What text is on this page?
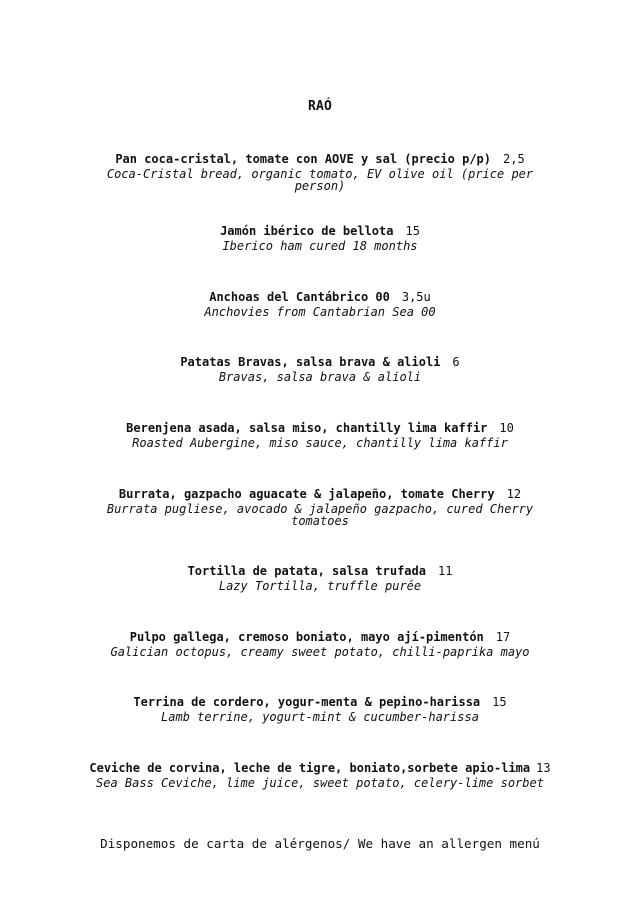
RAÓ
Pan coca-cristal, tomate con AOVE y sal (precio p/p) 2,5
Coca-Cristal bread, organic tomato, EV olive oil (price per person)
Jamón ibérico de bellota 15
Iberico ham cured 18 months
Anchoas del Cantábrico 00 3,5u
Anchovies from Cantabrian Sea 00
Patatas Bravas, salsa brava & alioli 6
Bravas, salsa brava & alioli
Berenjena asada, salsa miso, chantilly lima kaffir 10
Roasted Aubergine, miso sauce, chantilly lima kaffir
Burrata, gazpacho aguacate & jalapeño, tomate Cherry 12
Burrata pugliese, avocado & jalapeño gazpacho, cured Cherry tomatoes
Tortilla de patata, salsa trufada 11
Lazy Tortilla, truffle purée
Pulpo gallega, cremoso boniato, mayo ají-pimentón 17
Galician octopus, creamy sweet potato, chilli-paprika mayo
Terrina de cordero, yogur-menta & pepino-harissa 15
Lamb terrine, yogurt-mint & cucumber-harissa
Ceviche de corvina, leche de tigre, boniato,sorbete apio-lima 13
Sea Bass Ceviche, lime juice, sweet potato, celery-lime sorbet
Disponemos de carta de alérgenos/ We have an allergen menú
